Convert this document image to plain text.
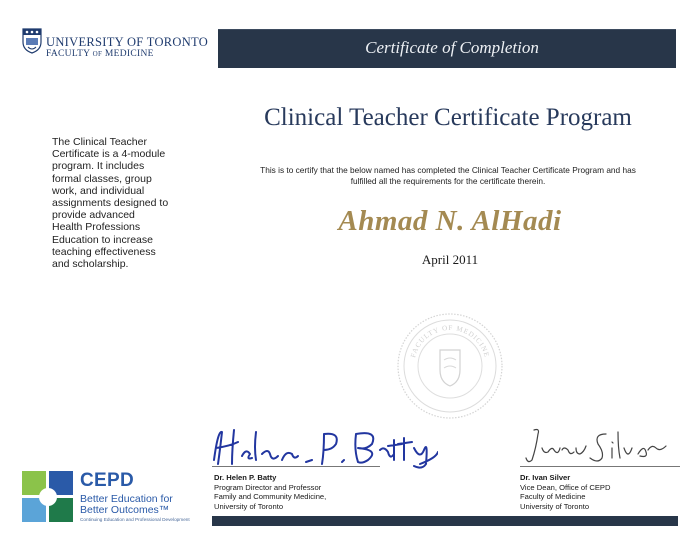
UNIVERSITY OF TORONTO
FACULTY OF MEDICINE	Certificate of Completion
Clinical Teacher Certificate Program
This is to certify that the below named has completed the Clinical Teacher Certificate Program and has
fulfilled all the requirements for the certificate therein.
Ahmad N. AlHadi
April 2011
The Clinical Teacher
Certificate is a 4-module
program. It includes
formal classes, group
work, and individual
assignments designed to
provide advanced
Health Professions
Education to increase
teaching effectiveness
and scholarship.
FACULTY OF MEDICINE
Dr. Helen P. Batty
Program Director and Professor
Family and Community Medicine,
University of Toronto
Dr. Ivan Silver
Vice Dean, Office of CEPD
Faculty of Medicine
University of Toronto
CEPD
Better Education for
Better Outcomes™
Continuing Education and Professional Development
